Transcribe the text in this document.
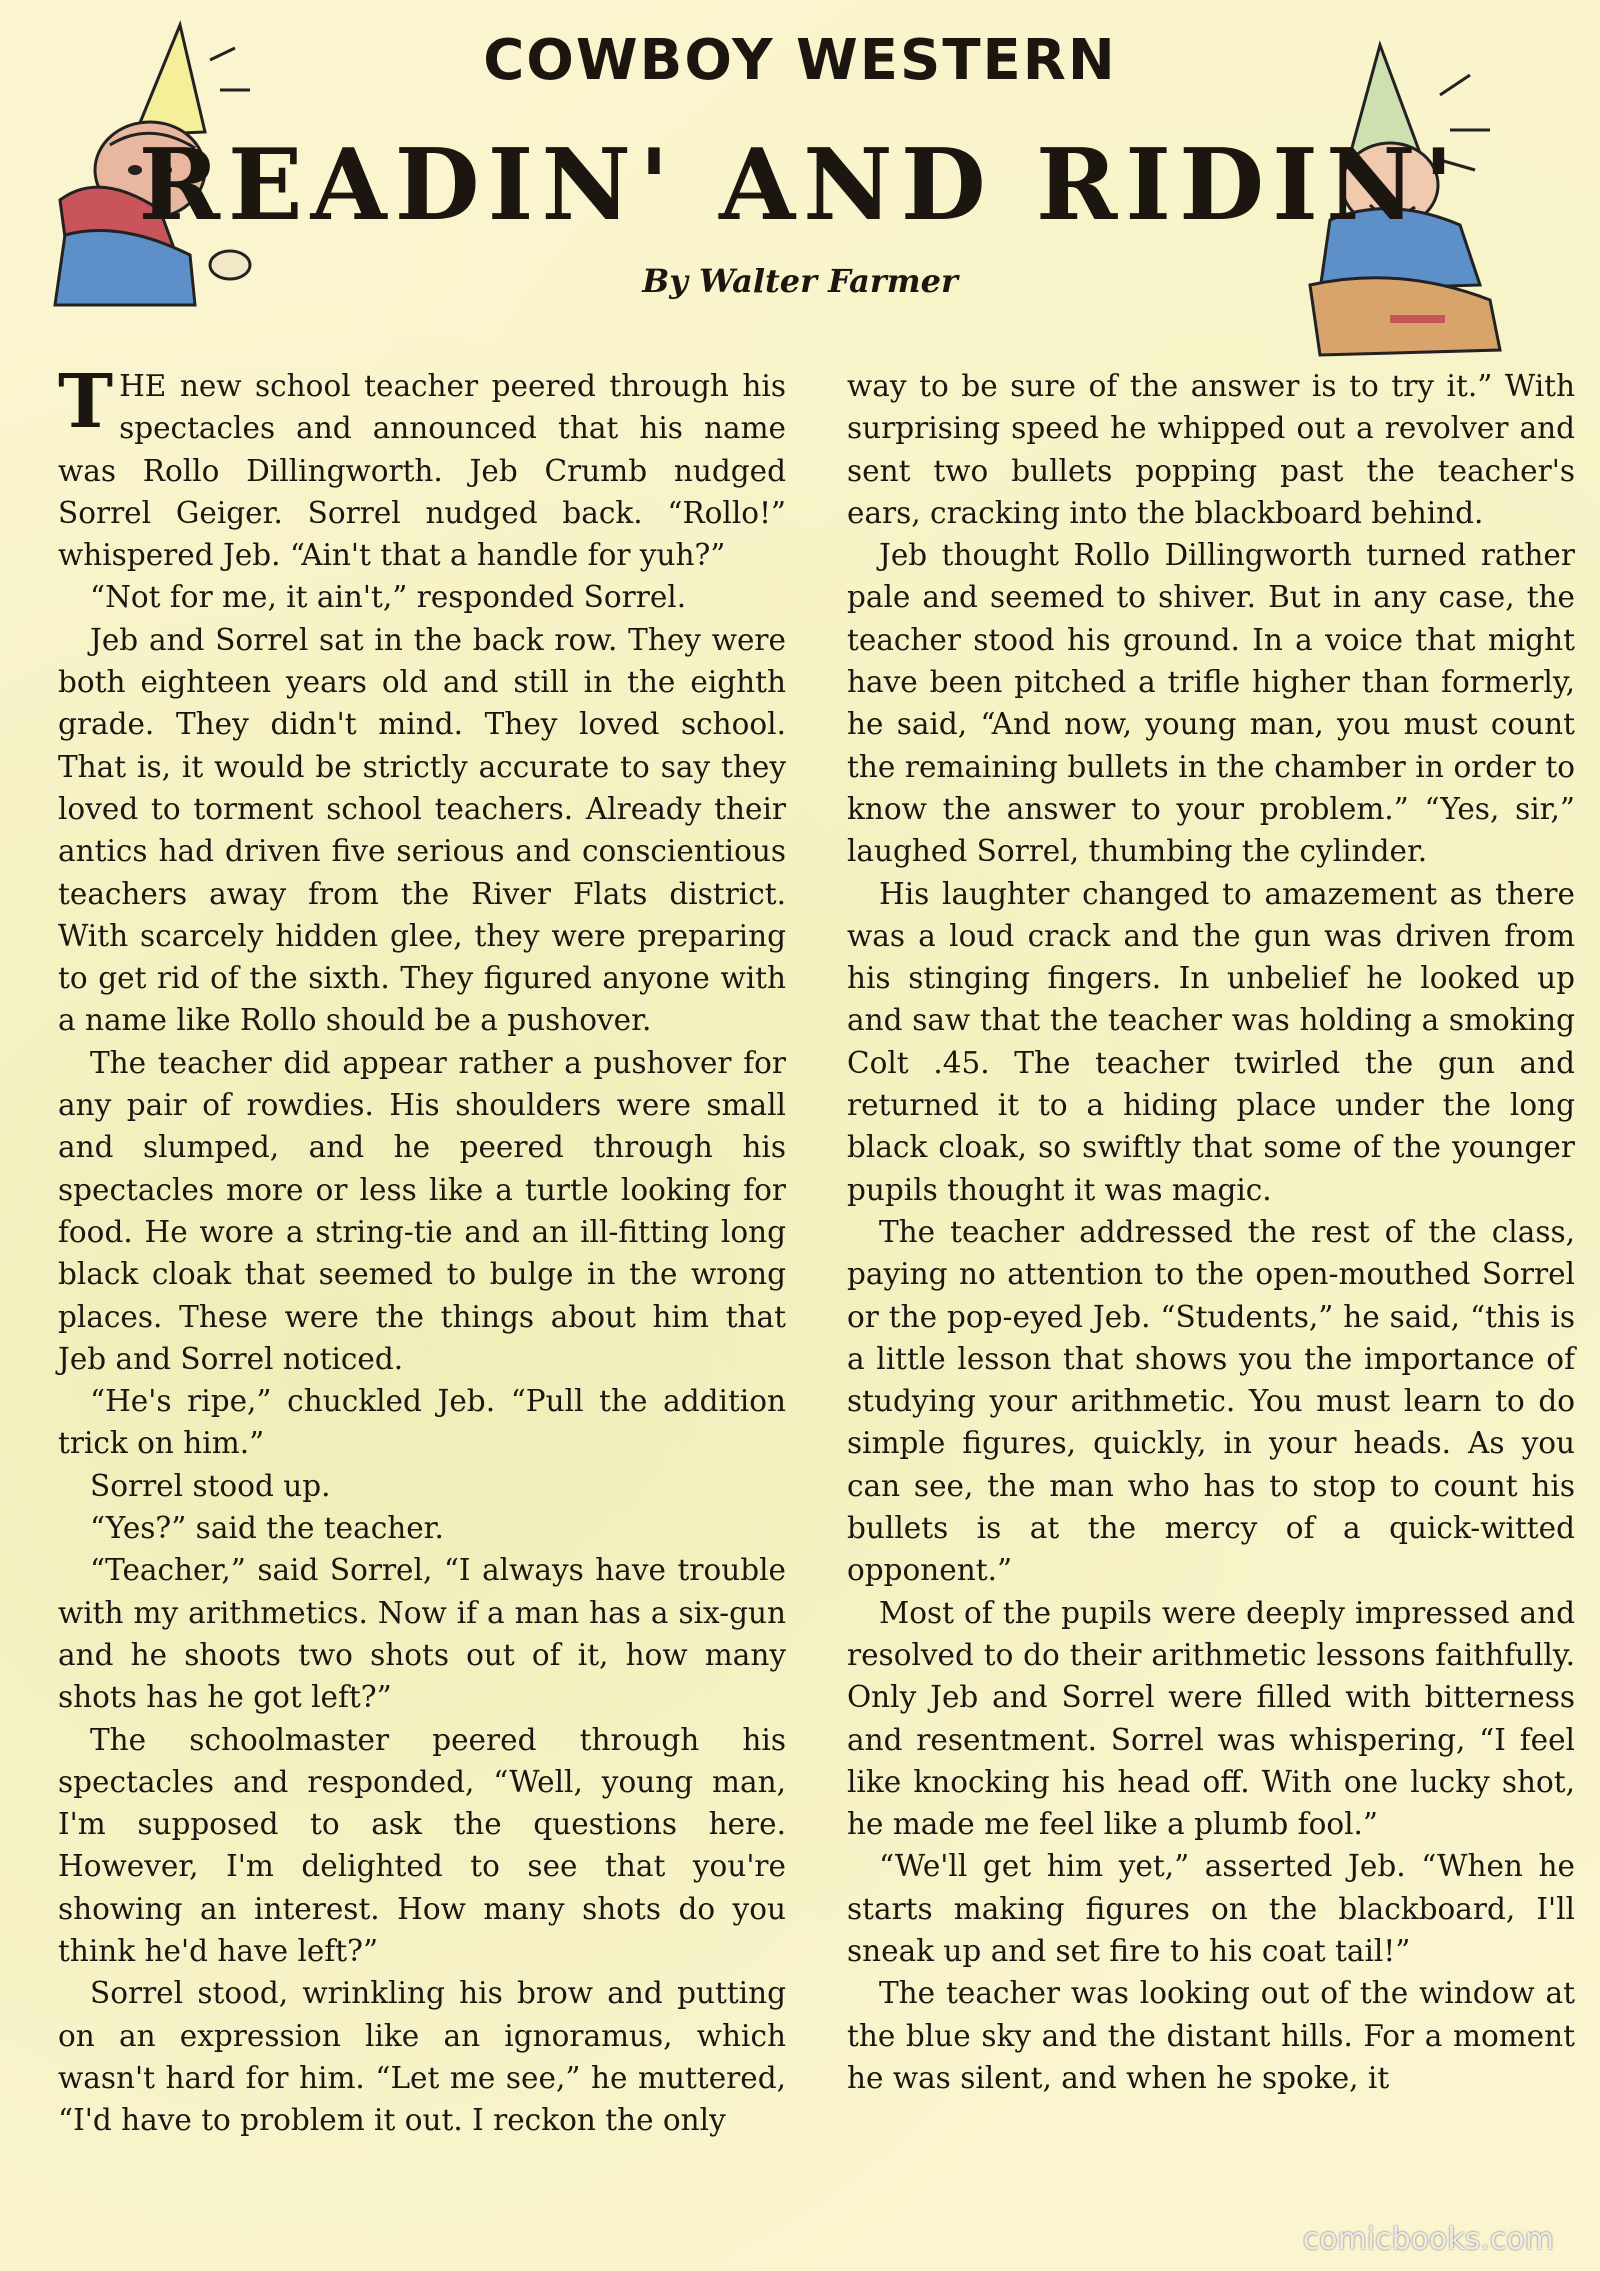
COWBOY WESTERN
READIN' AND RIDIN'
By Walter Farmer

THE new school teacher peered through his spectacles and announced that his name was Rollo Dillingworth. Jeb Crumb nudged Sorrel Geiger. Sorrel nudged back. “Rollo!” whispered Jeb. “Ain't that a handle for yuh?”

“Not for me, it ain't,” responded Sorrel.

Jeb and Sorrel sat in the back row. They were both eighteen years old and still in the eighth grade. They didn't mind. They loved school. That is, it would be strictly accurate to say they loved to torment school teachers. Already their antics had driven five serious and conscientious teachers away from the River Flats district. With scarcely hidden glee, they were preparing to get rid of the sixth. They figured anyone with a name like Rollo should be a pushover.

The teacher did appear rather a pushover for any pair of rowdies. His shoulders were small and slumped, and he peered through his spectacles more or less like a turtle looking for food. He wore a string-tie and an ill-fitting long black cloak that seemed to bulge in the wrong places. These were the things about him that Jeb and Sorrel noticed.

“He's ripe,” chuckled Jeb. “Pull the addition trick on him.”

Sorrel stood up.

“Yes?” said the teacher.

“Teacher,” said Sorrel, “I always have trouble with my arithmetics. Now if a man has a six-gun and he shoots two shots out of it, how many shots has he got left?”

The schoolmaster peered through his spectacles and responded, “Well, young man, I'm supposed to ask the questions here. However, I'm delighted to see that you're showing an interest. How many shots do you think he'd have left?”

Sorrel stood, wrinkling his brow and putting on an expression like an ignoramus, which wasn't hard for him. “Let me see,” he muttered, “I'd have to problem it out. I reckon the only

way to be sure of the answer is to try it.” With surprising speed he whipped out a revolver and sent two bullets popping past the teacher's ears, cracking into the blackboard behind.

Jeb thought Rollo Dillingworth turned rather pale and seemed to shiver. But in any case, the teacher stood his ground. In a voice that might have been pitched a trifle higher than formerly, he said, “And now, young man, you must count the remaining bullets in the chamber in order to know the answer to your problem.” “Yes, sir,” laughed Sorrel, thumbing the cylinder.

His laughter changed to amazement as there was a loud crack and the gun was driven from his stinging fingers. In unbelief he looked up and saw that the teacher was holding a smoking Colt .45. The teacher twirled the gun and returned it to a hiding place under the long black cloak, so swiftly that some of the younger pupils thought it was magic.

The teacher addressed the rest of the class, paying no attention to the open-mouthed Sorrel or the pop-eyed Jeb. “Students,” he said, “this is a little lesson that shows you the importance of studying your arithmetic. You must learn to do simple figures, quickly, in your heads. As you can see, the man who has to stop to count his bullets is at the mercy of a quick-witted opponent.”

Most of the pupils were deeply impressed and resolved to do their arithmetic lessons faithfully. Only Jeb and Sorrel were filled with bitterness and resentment. Sorrel was whispering, “I feel like knocking his head off. With one lucky shot, he made me feel like a plumb fool.”

“We'll get him yet,” asserted Jeb. “When he starts making figures on the blackboard, I'll sneak up and set fire to his coat tail!”

The teacher was looking out of the window at the blue sky and the distant hills. For a moment he was silent, and when he spoke, it

comicbooks.com
